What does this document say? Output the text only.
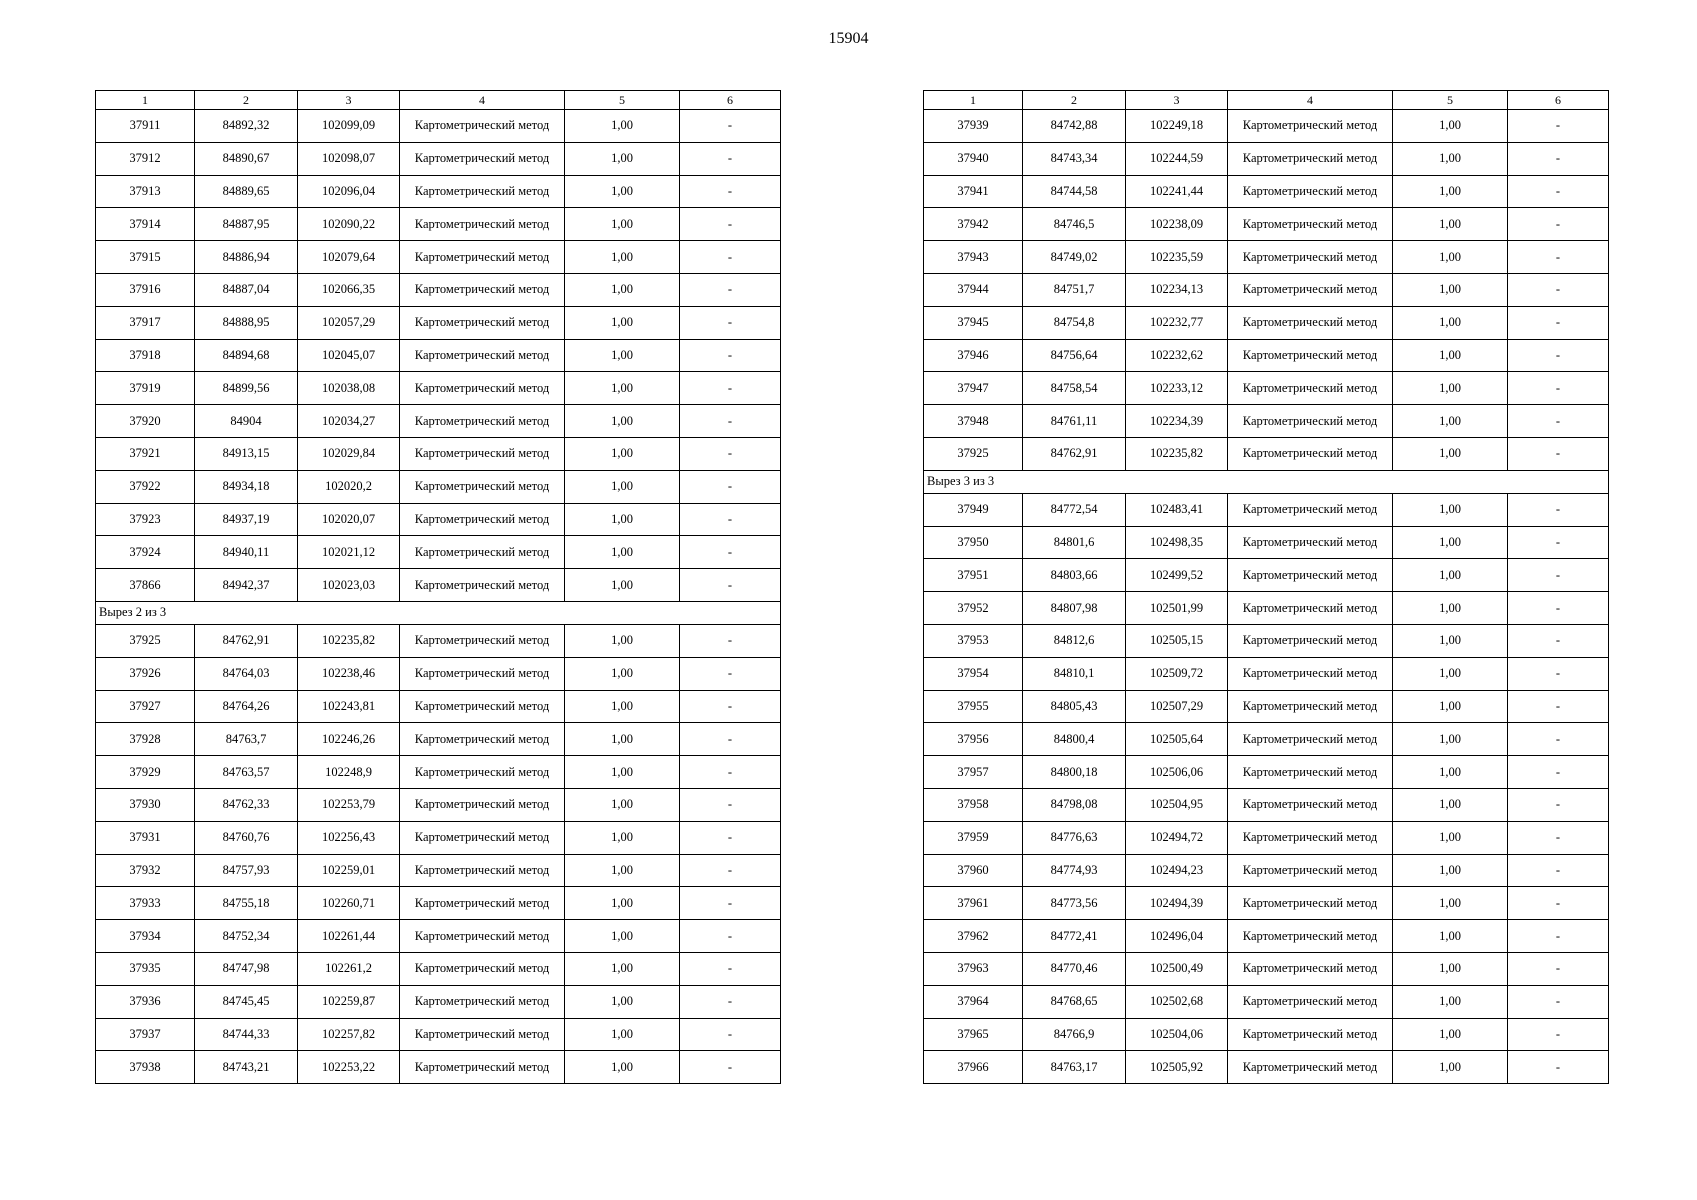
15904
1	2	3	4	5	6
37911	84892,32	102099,09	Картометрический метод	1,00	-
37912	84890,67	102098,07	Картометрический метод	1,00	-
37913	84889,65	102096,04	Картометрический метод	1,00	-
37914	84887,95	102090,22	Картометрический метод	1,00	-
37915	84886,94	102079,64	Картометрический метод	1,00	-
37916	84887,04	102066,35	Картометрический метод	1,00	-
37917	84888,95	102057,29	Картометрический метод	1,00	-
37918	84894,68	102045,07	Картометрический метод	1,00	-
37919	84899,56	102038,08	Картометрический метод	1,00	-
37920	84904	102034,27	Картометрический метод	1,00	-
37921	84913,15	102029,84	Картометрический метод	1,00	-
37922	84934,18	102020,2	Картометрический метод	1,00	-
37923	84937,19	102020,07	Картометрический метод	1,00	-
37924	84940,11	102021,12	Картометрический метод	1,00	-
37866	84942,37	102023,03	Картометрический метод	1,00	-
Вырез 2 из 3					
37925	84762,91	102235,82	Картометрический метод	1,00	-
37926	84764,03	102238,46	Картометрический метод	1,00	-
37927	84764,26	102243,81	Картометрический метод	1,00	-
37928	84763,7	102246,26	Картометрический метод	1,00	-
37929	84763,57	102248,9	Картометрический метод	1,00	-
37930	84762,33	102253,79	Картометрический метод	1,00	-
37931	84760,76	102256,43	Картометрический метод	1,00	-
37932	84757,93	102259,01	Картометрический метод	1,00	-
37933	84755,18	102260,71	Картометрический метод	1,00	-
37934	84752,34	102261,44	Картометрический метод	1,00	-
37935	84747,98	102261,2	Картометрический метод	1,00	-
37936	84745,45	102259,87	Картометрический метод	1,00	-
37937	84744,33	102257,82	Картометрический метод	1,00	-
37938	84743,21	102253,22	Картометрический метод	1,00	-
1	2	3	4	5	6
37939	84742,88	102249,18	Картометрический метод	1,00	-
37940	84743,34	102244,59	Картометрический метод	1,00	-
37941	84744,58	102241,44	Картометрический метод	1,00	-
37942	84746,5	102238,09	Картометрический метод	1,00	-
37943	84749,02	102235,59	Картометрический метод	1,00	-
37944	84751,7	102234,13	Картометрический метод	1,00	-
37945	84754,8	102232,77	Картометрический метод	1,00	-
37946	84756,64	102232,62	Картометрический метод	1,00	-
37947	84758,54	102233,12	Картометрический метод	1,00	-
37948	84761,11	102234,39	Картометрический метод	1,00	-
37925	84762,91	102235,82	Картометрический метод	1,00	-
Вырез 3 из 3					
37949	84772,54	102483,41	Картометрический метод	1,00	-
37950	84801,6	102498,35	Картометрический метод	1,00	-
37951	84803,66	102499,52	Картометрический метод	1,00	-
37952	84807,98	102501,99	Картометрический метод	1,00	-
37953	84812,6	102505,15	Картометрический метод	1,00	-
37954	84810,1	102509,72	Картометрический метод	1,00	-
37955	84805,43	102507,29	Картометрический метод	1,00	-
37956	84800,4	102505,64	Картометрический метод	1,00	-
37957	84800,18	102506,06	Картометрический метод	1,00	-
37958	84798,08	102504,95	Картометрический метод	1,00	-
37959	84776,63	102494,72	Картометрический метод	1,00	-
37960	84774,93	102494,23	Картометрический метод	1,00	-
37961	84773,56	102494,39	Картометрический метод	1,00	-
37962	84772,41	102496,04	Картометрический метод	1,00	-
37963	84770,46	102500,49	Картометрический метод	1,00	-
37964	84768,65	102502,68	Картометрический метод	1,00	-
37965	84766,9	102504,06	Картометрический метод	1,00	-
37966	84763,17	102505,92	Картометрический метод	1,00	-
